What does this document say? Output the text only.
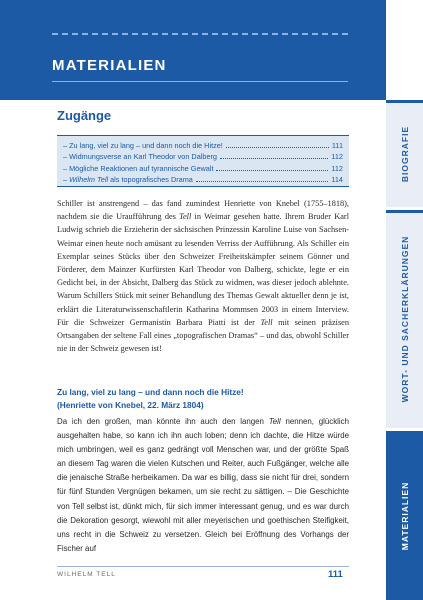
MATERIALIEN
BIOGRAFIE
WORT- UND SACHERKLÄRUNGEN
MATERIALIEN
Zugänge
– Zu lang, viel zu lang – und dann noch die Hitze!	111
– Widmungsverse an Karl Theodor von Dalberg	112
– Mögliche Reaktionen auf tyrannische Gewalt	112
– Wilhelm Tell als topografisches Drama	114
Schiller ist anstrengend – das fand zumindest Henriette von Knebel (1755–1818), nachdem sie die Uraufführung des Tell in Weimar gesehen hatte. Ihrem Bruder Karl Ludwig schrieb die Erzieherin der sächsischen Prinzessin Karoline Luise von Sachsen-Weimar einen heute noch amüsant zu lesenden Verriss der Aufführung. Als Schiller ein Exemplar seines Stücks über den Schweizer Freiheitskämpfer seinem Gönner und Förderer, dem Mainzer Kurfürsten Karl Theodor von Dalberg, schickte, legte er ein Gedicht bei, in der Absicht, Dalberg das Stück zu widmen, was dieser jedoch ablehnte. Warum Schillers Stück mit seiner Behandlung des Themas Gewalt aktueller denn je ist, erklärt die Literaturwissenschaftlerin Katharina Mommsen 2003 in einem Interview. Für die Schweizer Germanistin Barbara Piatti ist der Tell mit seinen präzisen Ortsangaben der seltene Fall eines „topografischen Dramas“ – und das, obwohl Schiller nie in der Schweiz gewesen ist!
Zu lang, viel zu lang – und dann noch die Hitze!
(Henriette von Knebel, 22. März 1804)
Da ich den großen, man könnte ihn auch den langen Tell nennen, glücklich ausgehalten habe, so kann ich ihn auch loben; denn ich dachte, die Hitze würde mich umbringen, weil es ganz gedrängt voll Menschen war, und der größte Spaß an diesem Tag waren die vielen Kutschen und Reiter, auch Fußgänger, welche alle die jenaische Straße herbeikamen. Da war es billig, dass sie nicht für drei, sondern für fünf Stunden Vergnügen bekamen, um sie recht zu sättigen. – Die Geschichte von Tell selbst ist, dünkt mich, für sich immer interessant genug, und es war durch die Dekoration gesorgt, wiewohl mit aller meyerischen und goethischen Steifigkeit, uns recht in die Schweiz zu versetzen. Gleich bei Eröffnung des Vorhangs der Fischer auf
WILHELM TELL	111
